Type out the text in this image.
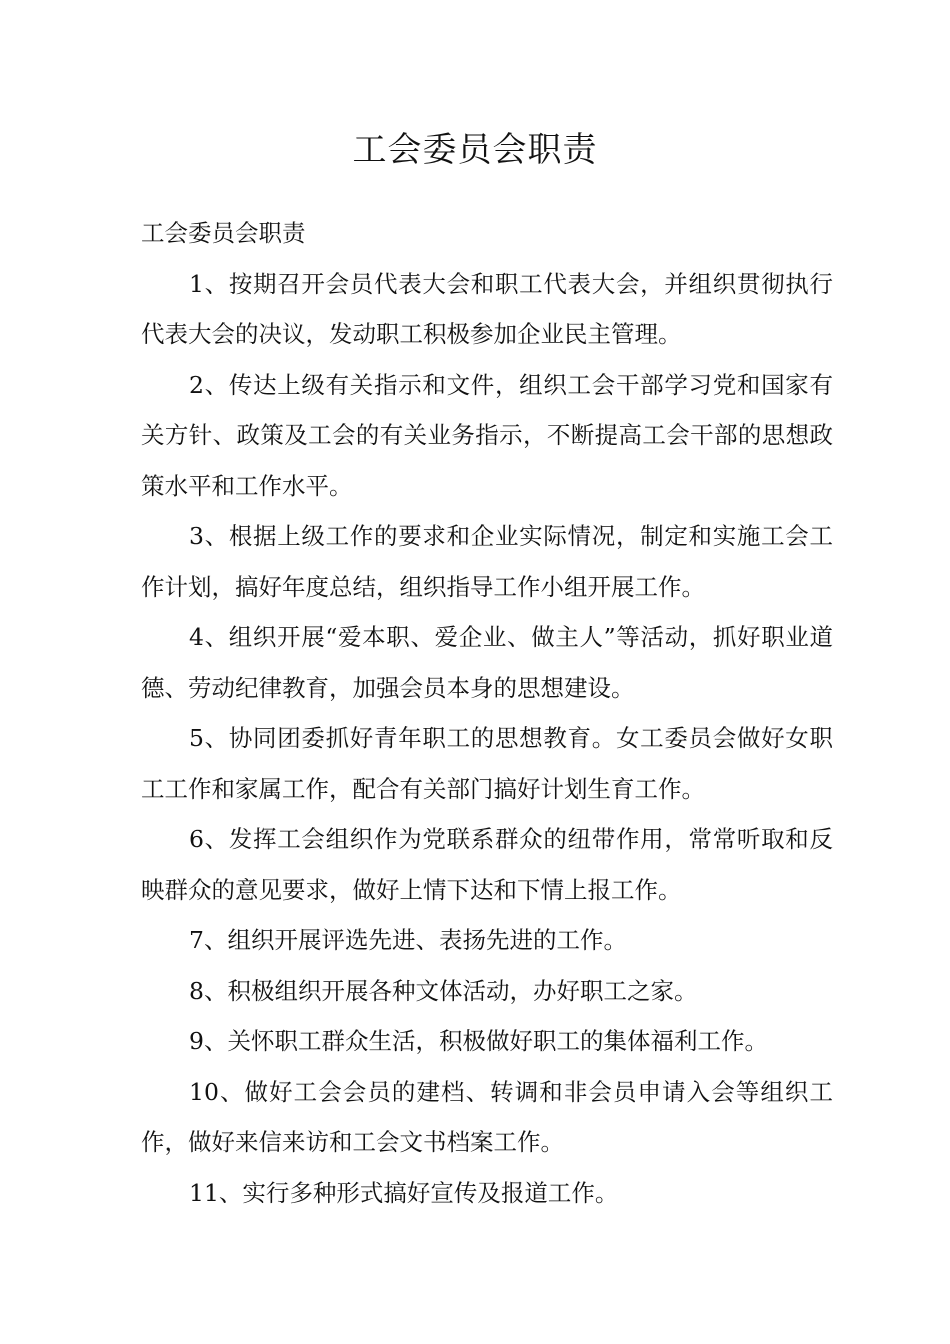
工会委员会职责

工会委员会职责

1、按期召开会员代表大会和职工代表大会，并组织贯彻执行代表大会的决议，发动职工积极参加企业民主管理。

2、传达上级有关指示和文件，组织工会干部学习党和国家有关方针、政策及工会的有关业务指示，不断提高工会干部的思想政策水平和工作水平。

3、根据上级工作的要求和企业实际情况，制定和实施工会工作计划，搞好年度总结，组织指导工作小组开展工作。

4、组织开展“爱本职、爱企业、做主人”等活动，抓好职业道德、劳动纪律教育，加强会员本身的思想建设。

5、协同团委抓好青年职工的思想教育。女工委员会做好女职工工作和家属工作，配合有关部门搞好计划生育工作。

6、发挥工会组织作为党联系群众的纽带作用，常常听取和反映群众的意见要求，做好上情下达和下情上报工作。

7、组织开展评选先进、表扬先进的工作。

8、积极组织开展各种文体活动，办好职工之家。

9、关怀职工群众生活，积极做好职工的集体福利工作。

10、做好工会会员的建档、转调和非会员申请入会等组织工作，做好来信来访和工会文书档案工作。

11、实行多种形式搞好宣传及报道工作。
